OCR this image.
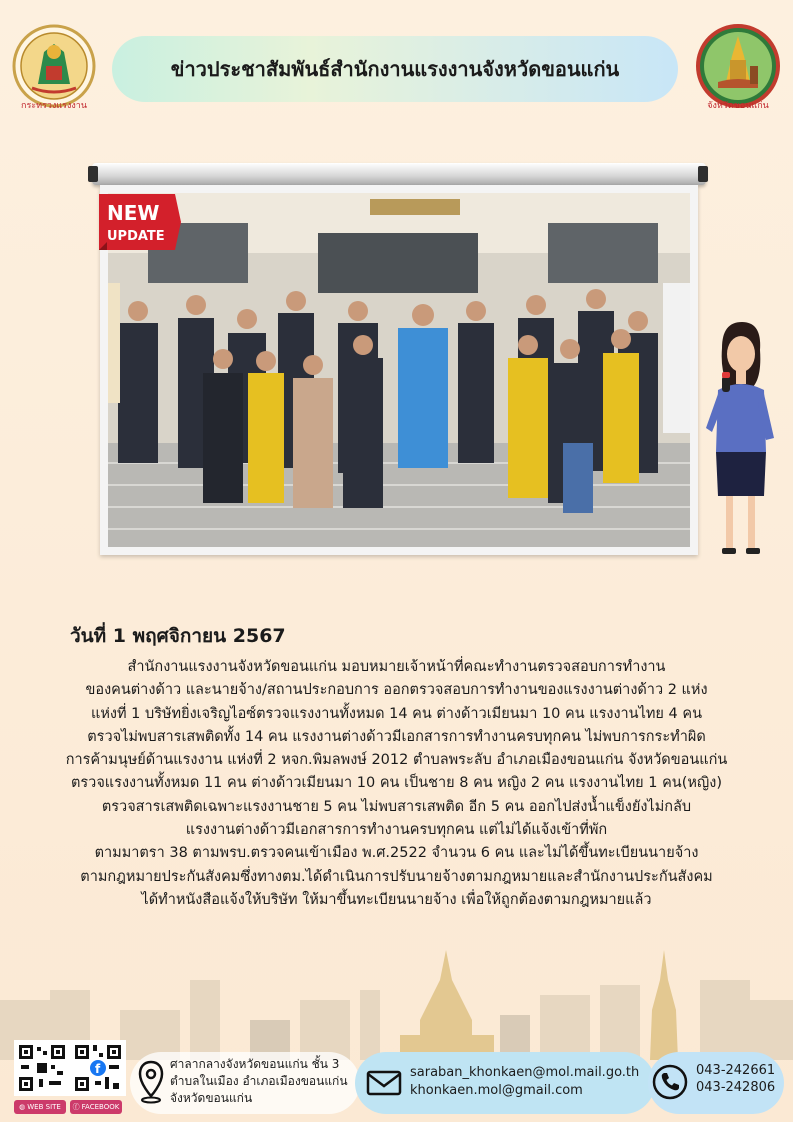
กระทรวงแรงงาน
ข่าวประชาสัมพันธ์สำนักงานแรงงานจังหวัดขอนแก่น
จังหวัดขอนแก่น
NEW
UPDATE
วันที่ 1 พฤศจิกายน 2567
สำนักงานแรงงานจังหวัดขอนแก่น มอบหมายเจ้าหน้าที่คณะทำงานตรวจสอบการทำงาน
ของคนต่างด้าว และนายจ้าง/สถานประกอบการ ออกตรวจสอบการทำงานของแรงงานต่างด้าว 2 แห่ง
แห่งที่ 1 บริษัทยิ่งเจริญไอซ์ตรวจแรงงานทั้งหมด 14 คน ต่างด้าวเมียนมา 10 คน แรงงานไทย 4 คน
ตรวจไม่พบสารเสพติดทั้ง 14 คน แรงงานต่างด้าวมีเอกสารการทำงานครบทุกคน ไม่พบการกระทำผิด
การค้ามนุษย์ด้านแรงงาน แห่งที่ 2 หจก.พิมลพงษ์ 2012 ตำบลพระลับ อำเภอเมืองขอนแก่น จังหวัดขอนแก่น
ตรวจแรงงานทั้งหมด 11 คน ต่างด้าวเมียนมา 10 คน เป็นชาย 8 คน หญิง 2 คน แรงงานไทย 1 คน(หญิง)
ตรวจสารเสพติดเฉพาะแรงงานชาย 5 คน ไม่พบสารเสพติด อีก 5 คน ออกไปส่งน้ำแข็งยังไม่กลับ
แรงงานต่างด้าวมีเอกสารการทำงานครบทุกคน แต่ไม่ได้แจ้งเข้าที่พัก
ตามมาตรา 38 ตามพรบ.ตรวจคนเข้าเมือง พ.ศ.2522 จำนวน 6 คน และไม่ได้ขึ้นทะเบียนนายจ้าง
ตามกฎหมายประกันสังคมซึ่งทางตม.ได้ดำเนินการปรับนายจ้างตามกฎหมายและสำนักงานประกันสังคม
ได้ทำหนังสือแจ้งให้บริษัท ให้มาขึ้นทะเบียนนายจ้าง เพื่อให้ถูกต้องตามกฎหมายแล้ว
f
◍ WEB SITE ⓕ FACEBOOK
ศาลากลางจังหวัดขอนแก่น ชั้น 3
ตำบลในเมือง อำเภอเมืองขอนแก่น
จังหวัดขอนแก่น
saraban_khonkaen@mol.mail.go.th
khonkaen.mol@gmail.com
043-242661
043-242806
